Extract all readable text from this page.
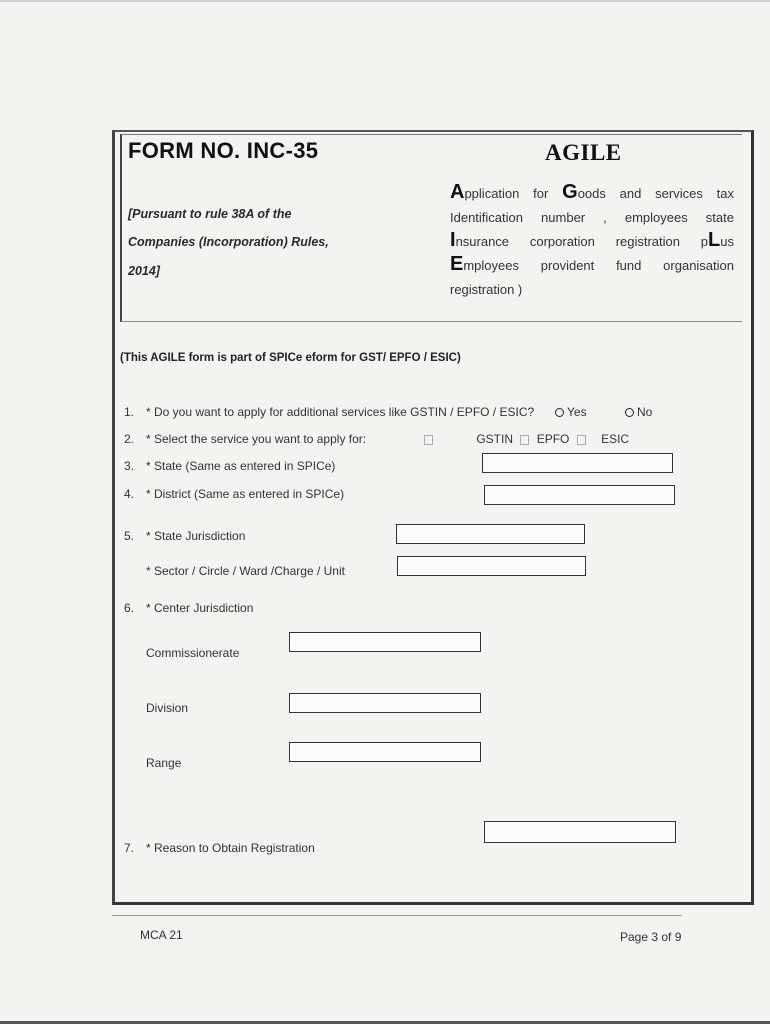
FORM NO. INC-35	AGILE
[Pursuant to rule 38A of the
Companies (Incorporation) Rules,
2014]
Application for Goods and services tax
Identification number , employees state
Insurance corporation registration pLus
Employees provident fund organisation
registration )
(This AGILE form is part of SPICe eform for GST/ EPFO / ESIC)
1. * Do you want to apply for additional services like GSTIN / EPFO / ESIC?	Yes	No
2. * Select the service you want to apply for:	GSTIN EPFO	ESIC
3. * State (Same as entered in SPICe)
4. * District (Same as entered in SPICe)
5. * State Jurisdiction
* Sector / Circle / Ward /Charge / Unit
6. * Center Jurisdiction
Commissionerate
Division
Range
7. * Reason to Obtain Registration
MCA 21	Page 3 of 9
